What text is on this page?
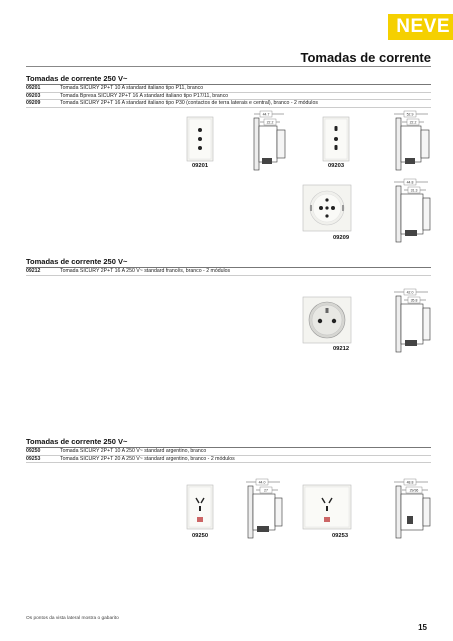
NEVE
Tomadas de corrente
Tomadas de corrente 250 V~
09201	Tomada SICURY 2P+T 10 A standard italiano tipo P11, branco
09203	Tomada Bpresa SICURY 2P+T 16 A standard italiano tipo P17/11, branco
09209	Tomada SICURY 2P+T 16 A standard italiano tipo P30 (contactos de terra laterais e central), branco - 2 módulos
09201
44.7
22.2
09203
52.9
22.2
09209
44.8
31.3
Tomadas de corrente 250 V~
09212	Tomada SICURY 2P+T 16 A 250 V~ standard francês, branco - 2 módulos
09212
42.0
35.8
Tomadas de corrente 250 V~
09250	Tomada SICURY 2P+T 10 A 250 V~ standard argentino, branco
09253	Tomada SICURY 2P+T 20 A 250 V~ standard argentino, branco - 2 módulos
09250
44.0
27
09253
48.8
29/36
Os pontos da vista lateral mostra o gabarito
15
